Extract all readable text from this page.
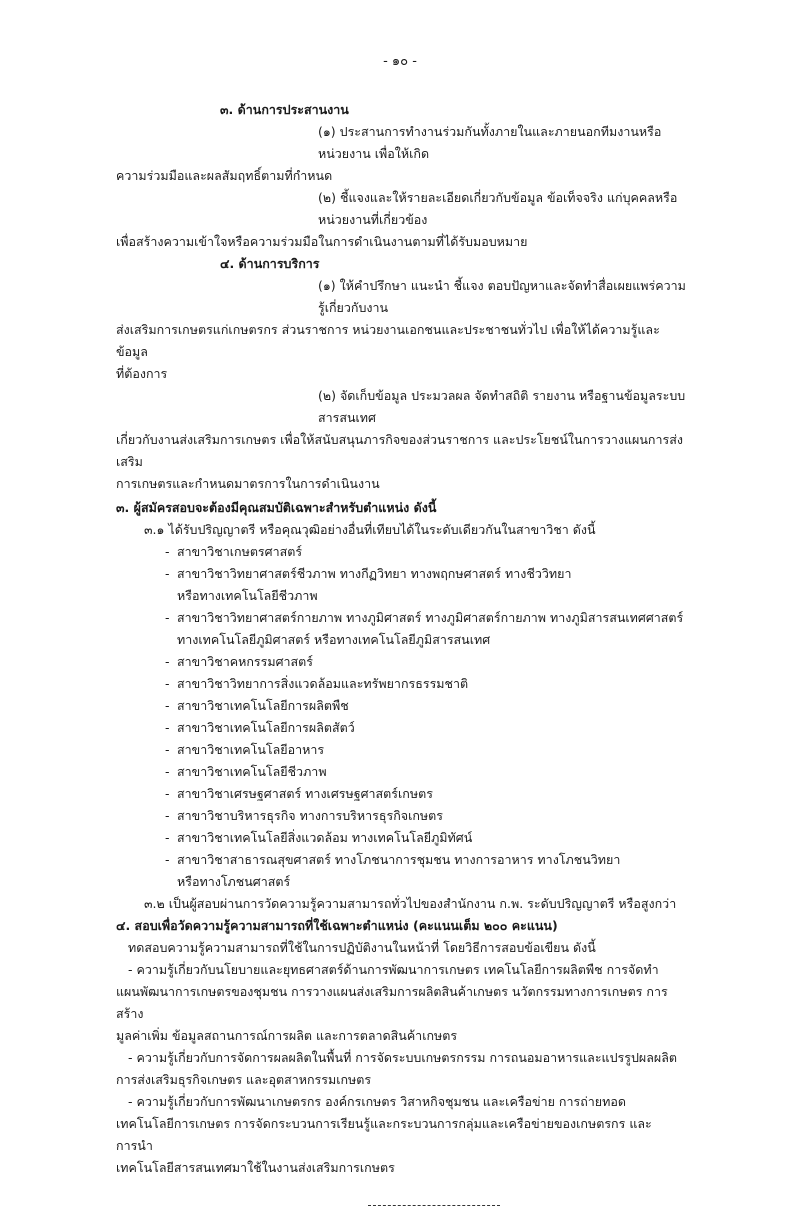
- ๑๐ -
๓. ด้านการประสานงาน
(๑) ประสานการทำงานร่วมกันทั้งภายในและภายนอกทีมงานหรือหน่วยงาน เพื่อให้เกิด
ความร่วมมือและผลสัมฤทธิ์ตามที่กำหนด
(๒) ชี้แจงและให้รายละเอียดเกี่ยวกับข้อมูล ข้อเท็จจริง แก่บุคคลหรือหน่วยงานที่เกี่ยวข้อง
เพื่อสร้างความเข้าใจหรือความร่วมมือในการดำเนินงานตามที่ได้รับมอบหมาย
๔. ด้านการบริการ
(๑) ให้คำปรึกษา แนะนำ ชี้แจง ตอบปัญหาและจัดทำสื่อเผยแพร่ความรู้เกี่ยวกับงาน
ส่งเสริมการเกษตรแก่เกษตรกร ส่วนราชการ หน่วยงานเอกชนและประชาชนทั่วไป เพื่อให้ได้ความรู้และข้อมูล
ที่ต้องการ
(๒) จัดเก็บข้อมูล ประมวลผล จัดทำสถิติ รายงาน หรือฐานข้อมูลระบบสารสนเทศ
เกี่ยวกับงานส่งเสริมการเกษตร เพื่อให้สนับสนุนภารกิจของส่วนราชการ และประโยชน์ในการวางแผนการส่งเสริม
การเกษตรและกำหนดมาตรการในการดำเนินงาน
๓. ผู้สมัครสอบจะต้องมีคุณสมบัติเฉพาะสำหรับตำแหน่ง ดังนี้
๓.๑ ได้รับปริญญาตรี หรือคุณวุฒิอย่างอื่นที่เทียบได้ในระดับเดียวกันในสาขาวิชา ดังนี้
- สาขาวิชาเกษตรศาสตร์
- สาขาวิชาวิทยาศาสตร์ชีวภาพ ทางกีฏวิทยา ทางพฤกษศาสตร์ ทางชีววิทยา
หรือทางเทคโนโลยีชีวภาพ
- สาขาวิชาวิทยาศาสตร์กายภาพ ทางภูมิศาสตร์ ทางภูมิศาสตร์กายภาพ ทางภูมิสารสนเทศศาสตร์
ทางเทคโนโลยีภูมิศาสตร์ หรือทางเทคโนโลยีภูมิสารสนเทศ
- สาขาวิชาคหกรรมศาสตร์
- สาขาวิชาวิทยาการสิ่งแวดล้อมและทรัพยากรธรรมชาติ
- สาขาวิชาเทคโนโลยีการผลิตพืช
- สาขาวิชาเทคโนโลยีการผลิตสัตว์
- สาขาวิชาเทคโนโลยีอาหาร
- สาขาวิชาเทคโนโลยีชีวภาพ
- สาขาวิชาเศรษฐศาสตร์ ทางเศรษฐศาสตร์เกษตร
- สาขาวิชาบริหารธุรกิจ ทางการบริหารธุรกิจเกษตร
- สาขาวิชาเทคโนโลยีสิ่งแวดล้อม ทางเทคโนโลยีภูมิทัศน์
- สาขาวิชาสาธารณสุขศาสตร์ ทางโภชนาการชุมชน ทางการอาหาร ทางโภชนวิทยา
หรือทางโภชนศาสตร์
๓.๒ เป็นผู้สอบผ่านการวัดความรู้ความสามารถทั่วไปของสำนักงาน ก.พ. ระดับปริญญาตรี หรือสูงกว่า
๔. สอบเพื่อวัดความรู้ความสามารถที่ใช้เฉพาะตำแหน่ง (คะแนนเต็ม ๒๐๐ คะแนน)
ทดสอบความรู้ความสามารถที่ใช้ในการปฏิบัติงานในหน้าที่ โดยวิธีการสอบข้อเขียน ดังนี้
- ความรู้เกี่ยวกับนโยบายและยุทธศาสตร์ด้านการพัฒนาการเกษตร เทคโนโลยีการผลิตพืช การจัดทำ
แผนพัฒนาการเกษตรของชุมชน การวางแผนส่งเสริมการผลิตสินค้าเกษตร นวัตกรรมทางการเกษตร การสร้าง
มูลค่าเพิ่ม ข้อมูลสถานการณ์การผลิต และการตลาดสินค้าเกษตร
- ความรู้เกี่ยวกับการจัดการผลผลิตในพื้นที่ การจัดระบบเกษตรกรรม การถนอมอาหารและแปรรูปผลผลิต
การส่งเสริมธุรกิจเกษตร และอุตสาหกรรมเกษตร
- ความรู้เกี่ยวกับการพัฒนาเกษตรกร องค์กรเกษตร วิสาหกิจชุมชน และเครือข่าย การถ่ายทอด
เทคโนโลยีการเกษตร การจัดกระบวนการเรียนรู้และกระบวนการกลุ่มและเครือข่ายของเกษตรกร และการนำ
เทคโนโลยีสารสนเทศมาใช้ในงานส่งเสริมการเกษตร
